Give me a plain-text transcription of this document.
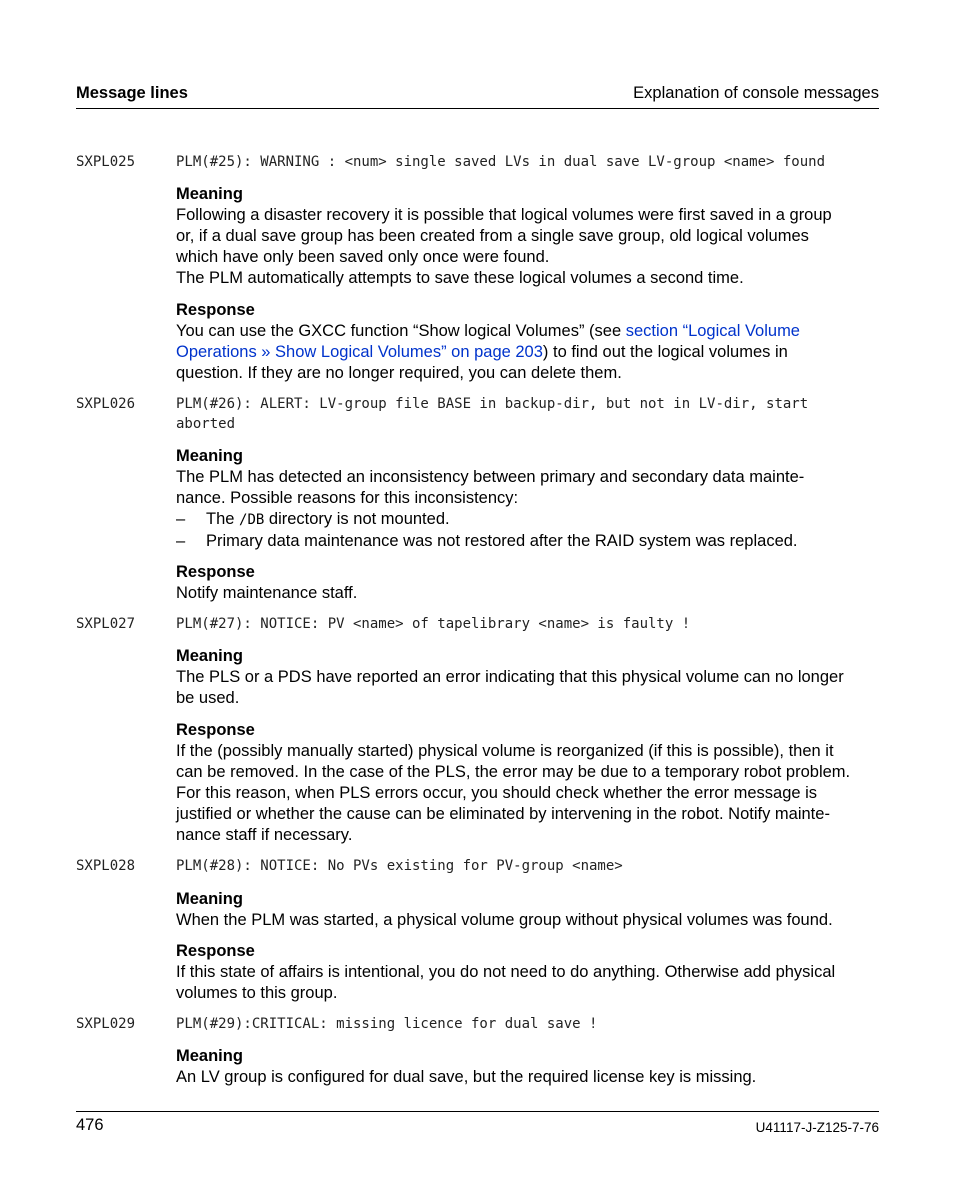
Message lines	Explanation of console messages
SXPL025	PLM(#25): WARNING : <num> single saved LVs in dual save LV-group <name> found
Meaning

Following a disaster recovery it is possible that logical volumes were first saved in a group

or, if a dual save group has been created from a single save group, old logical volumes

which have only been saved only once were found.

The PLM automatically attempts to save these logical volumes a second time.

Response

You can use the GXCC function “Show logical Volumes” (see section “Logical Volume

Operations » Show Logical Volumes” on page 203) to find out the logical volumes in

question. If they are no longer required, you can delete them.

SXPL026	PLM(#26): ALERT: LV-group file BASE in backup-dir, but not in LV-dir, start
aborted
Meaning

The PLM has detected an inconsistency between primary and secondary data mainte-

nance. Possible reasons for this inconsistency:

– The /DB directory is not mounted.

– Primary data maintenance was not restored after the RAID system was replaced.

Response

Notify maintenance staff.

SXPL027	PLM(#27): NOTICE: PV <name> of tapelibrary <name> is faulty !
Meaning

The PLS or a PDS have reported an error indicating that this physical volume can no longer

be used.

Response

If the (possibly manually started) physical volume is reorganized (if this is possible), then it

can be removed. In the case of the PLS, the error may be due to a temporary robot problem.

For this reason, when PLS errors occur, you should check whether the error message is

justified or whether the cause can be eliminated by intervening in the robot. Notify mainte-

nance staff if necessary.

SXPL028	PLM(#28): NOTICE: No PVs existing for PV-group <name>
Meaning

When the PLM was started, a physical volume group without physical volumes was found.

Response

If this state of affairs is intentional, you do not need to do anything. Otherwise add physical

volumes to this group.

SXPL029	PLM(#29):CRITICAL: missing licence for dual save !
Meaning

An LV group is configured for dual save, but the required license key is missing.

476	U41117-J-Z125-7-76
